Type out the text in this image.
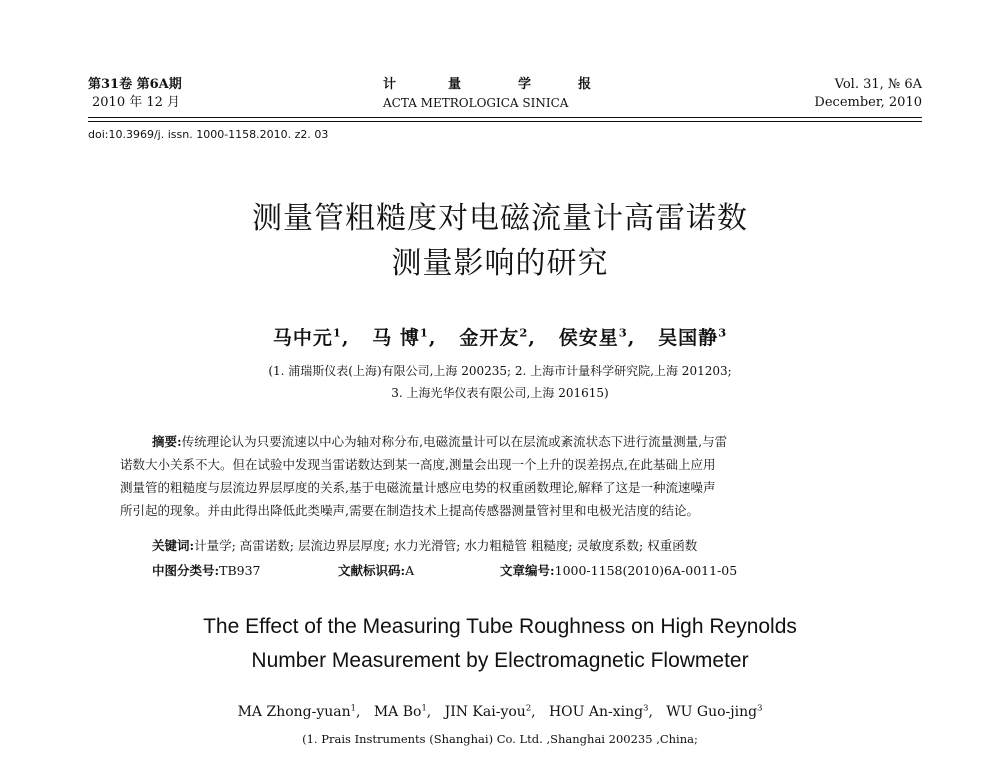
第31卷 第6A期
2010 年 12 月
计	量	学	报
ACTA METROLOGICA SINICA
Vol. 31, № 6A
December, 2010
doi:10.3969/j. issn. 1000-1158.2010. z2. 03
测量管粗糙度对电磁流量计高雷诺数
测量影响的研究
马中元$^1$,   马 博$^1$,   金开友$^2$,   侯安星$^3$,   吴国静$^3$
(1. 浦瑞斯仪表(上海)有限公司,上海 200235; 2. 上海市计量科学研究院,上海 201203;
3. 上海光华仪表有限公司,上海 201615)
摘要:传统理论认为只要流速以中心为轴对称分布,电磁流量计可以在层流或紊流状态下进行流量测量,与雷
诺数大小关系不大。但在试验中发现当雷诺数达到某一高度,测量会出现一个上升的误差拐点,在此基础上应用
测量管的粗糙度与层流边界层厚度的关系,基于电磁流量计感应电势的权重函数理论,解释了这是一种流速噪声
所引起的现象。并由此得出降低此类噪声,需要在制造技术上提高传感器测量管衬里和电极光洁度的结论。
关键词:计量学; 高雷诺数; 层流边界层厚度; 水力光滑管; 水力粗糙管 粗糙度; 灵敏度系数; 权重函数
中图分类号:TB937	文献标识码:A	文章编号:1000-1158(2010)6A-0011-05
The Effect of the Measuring Tube Roughness on High Reynolds
Number Measurement by Electromagnetic Flowmeter
MA Zhong-yuan$^1$,   MA Bo$^1$,   JIN Kai-you$^2$,   HOU An-xing$^3$,   WU Guo-jing$^3$
(1. Prais Instruments (Shanghai) Co. Ltd. ,Shanghai 200235 ,China;
